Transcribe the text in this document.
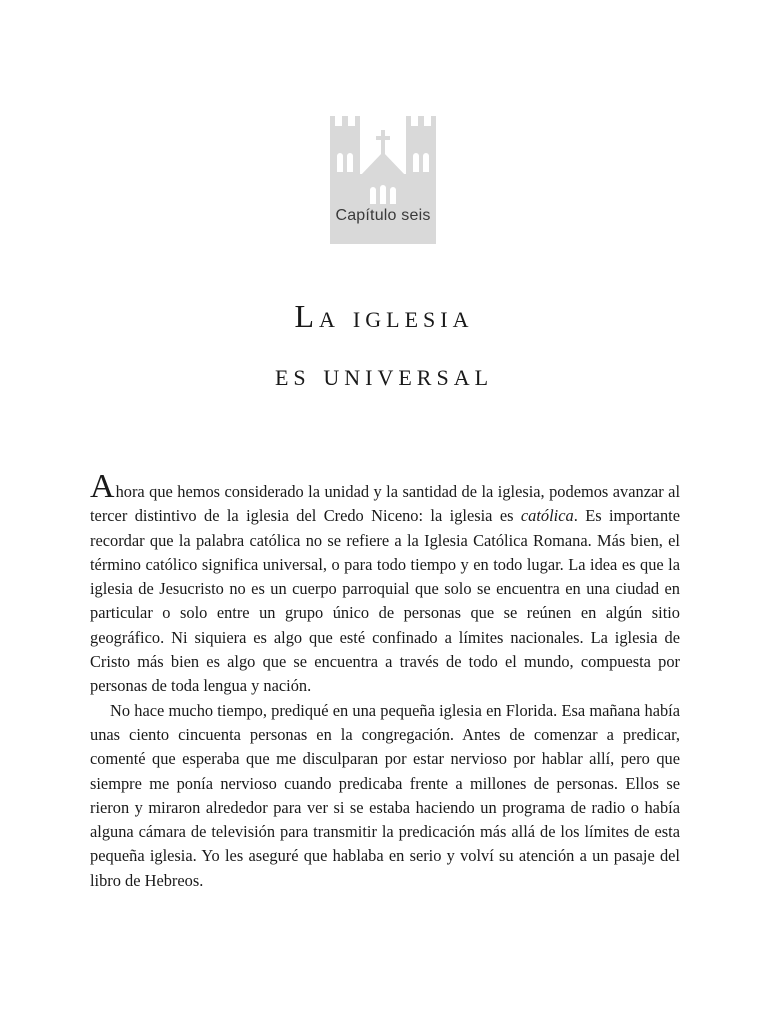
Capítulo seis
La iglesia
es universal

Ahora que hemos considerado la unidad y la santidad de la iglesia, podemos avanzar al tercer distintivo de la iglesia del Credo Niceno: la iglesia es católica. Es importante recordar que la palabra católica no se refiere a la Iglesia Católica Romana. Más bien, el término católico significa universal, o para todo tiempo y en todo lugar. La idea es que la iglesia de Jesucristo no es un cuerpo parroquial que solo se encuentra en una ciudad en particular o solo entre un grupo único de personas que se reúnen en algún sitio geográfico. Ni siquiera es algo que esté confinado a límites nacionales. La iglesia de Cristo más bien es algo que se encuentra a través de todo el mundo, compuesta por personas de toda lengua y nación.

No hace mucho tiempo, prediqué en una pequeña iglesia en Florida. Esa mañana había unas ciento cincuenta personas en la congregación. Antes de comenzar a predicar, comenté que esperaba que me disculparan por estar nervioso por hablar allí, pero que siempre me ponía nervioso cuando predicaba frente a millones de personas. Ellos se rieron y miraron alrededor para ver si se estaba haciendo un programa de radio o había alguna cámara de televisión para transmitir la predicación más allá de los límites de esta pequeña iglesia. Yo les aseguré que hablaba en serio y volví su atención a un pasaje del libro de Hebreos.
